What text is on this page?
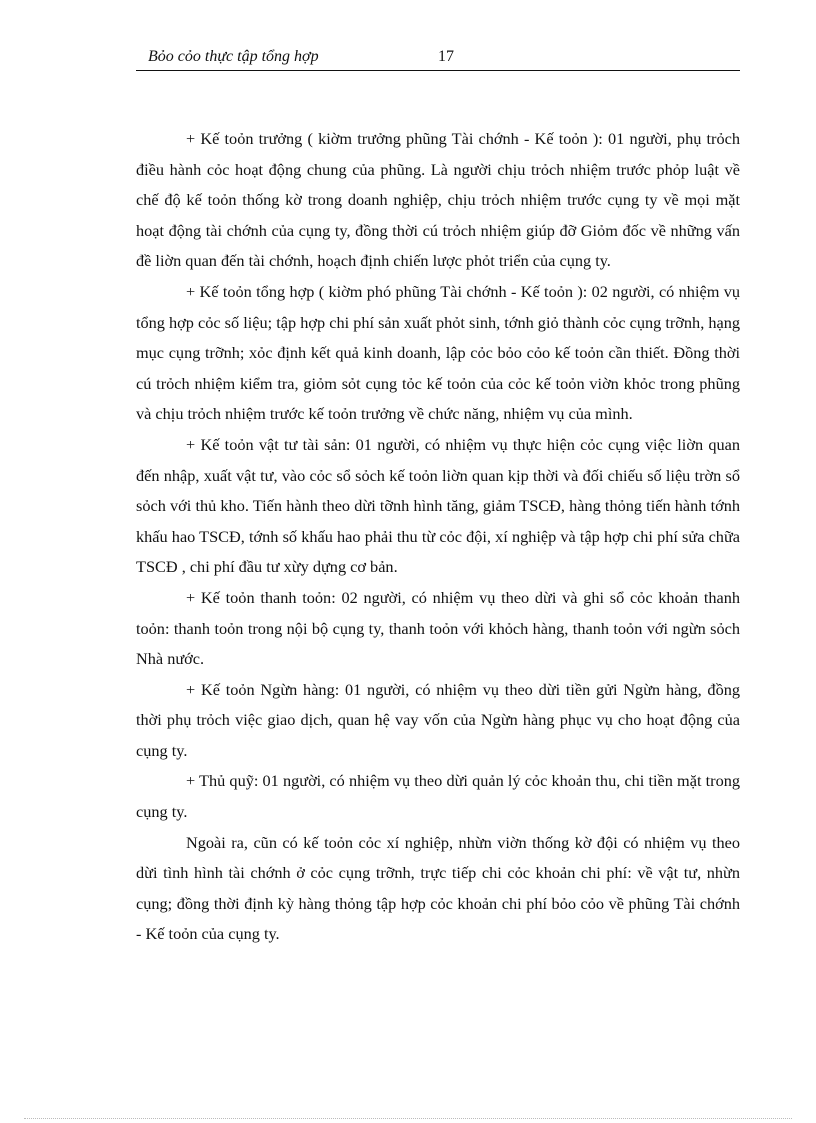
Bỏo cỏo thực tập tổng hợp	17

+ Kế toỏn trưởng ( kiờm trưởng phũng Tài chớnh - Kế toỏn ): 01 người, phụ trỏch điều hành cỏc hoạt động chung của phũng. Là người chịu trỏch nhiệm trước phỏp luật về chế độ kế toỏn thống kờ trong doanh nghiệp, chịu trỏch nhiệm trước cụng ty về mọi mặt hoạt động tài chớnh của cụng ty, đồng thời cú trỏch nhiệm giúp đỡ Giỏm đốc về những vấn đề liờn quan đến tài chớnh, hoạch định chiến lược phỏt triển của cụng ty.

+ Kế toỏn tổng hợp ( kiờm phó phũng Tài chớnh - Kế toỏn ): 02 người, có nhiệm vụ tổng hợp cỏc số liệu; tập hợp chi phí sản xuất phỏt sinh, tớnh giỏ thành cỏc cụng trỡnh, hạng mục cụng trỡnh; xỏc định kết quả kinh doanh, lập cỏc bỏo cỏo kế toỏn cần thiết. Đồng thời cú trỏch nhiệm kiểm tra, giỏm sỏt cụng tỏc kế toỏn của cỏc kế toỏn viờn khỏc trong phũng và chịu trỏch nhiệm trước kế toỏn trưởng về chức năng, nhiệm vụ của mình.

+ Kế toỏn vật tư tài sản: 01 người, có nhiệm vụ thực hiện cỏc cụng việc liờn quan đến nhập, xuất vật tư, vào cỏc sổ sỏch kế toỏn liờn quan kịp thời và đối chiếu số liệu trờn sổ sỏch với thủ kho. Tiến hành theo dừi tỡnh hình tăng, giảm TSCĐ, hàng thỏng tiến hành tớnh khấu hao TSCĐ, tớnh số khấu hao phải thu từ cỏc đội, xí nghiệp và tập hợp chi phí sửa chữa TSCĐ , chi phí đầu tư xừy dựng cơ bản.

+ Kế toỏn thanh toỏn: 02 người, có nhiệm vụ theo dừi và ghi sổ cỏc khoản thanh toỏn: thanh toỏn trong nội bộ cụng ty, thanh toỏn với khỏch hàng, thanh toỏn với ngừn sỏch Nhà nước.

+ Kế toỏn Ngừn hàng: 01 người, có nhiệm vụ theo dừi tiền gửi Ngừn hàng, đồng thời phụ trỏch việc giao dịch, quan hệ vay vốn của Ngừn hàng phục vụ cho hoạt động của cụng ty.

+ Thủ quỹ: 01 người, có nhiệm vụ theo dừi quản lý cỏc khoản thu, chi tiền mặt trong cụng ty.

Ngoài ra, cũn có kế toỏn cỏc xí nghiệp, nhừn viờn thống kờ đội có nhiệm vụ theo dừi tình hình tài chớnh ở cỏc cụng trỡnh, trực tiếp chi cỏc khoản chi phí: về vật tư, nhừn cụng; đồng thời định kỳ hàng thỏng tập hợp cỏc khoản chi phí bỏo cỏo về phũng Tài chớnh - Kế toỏn của cụng ty.
